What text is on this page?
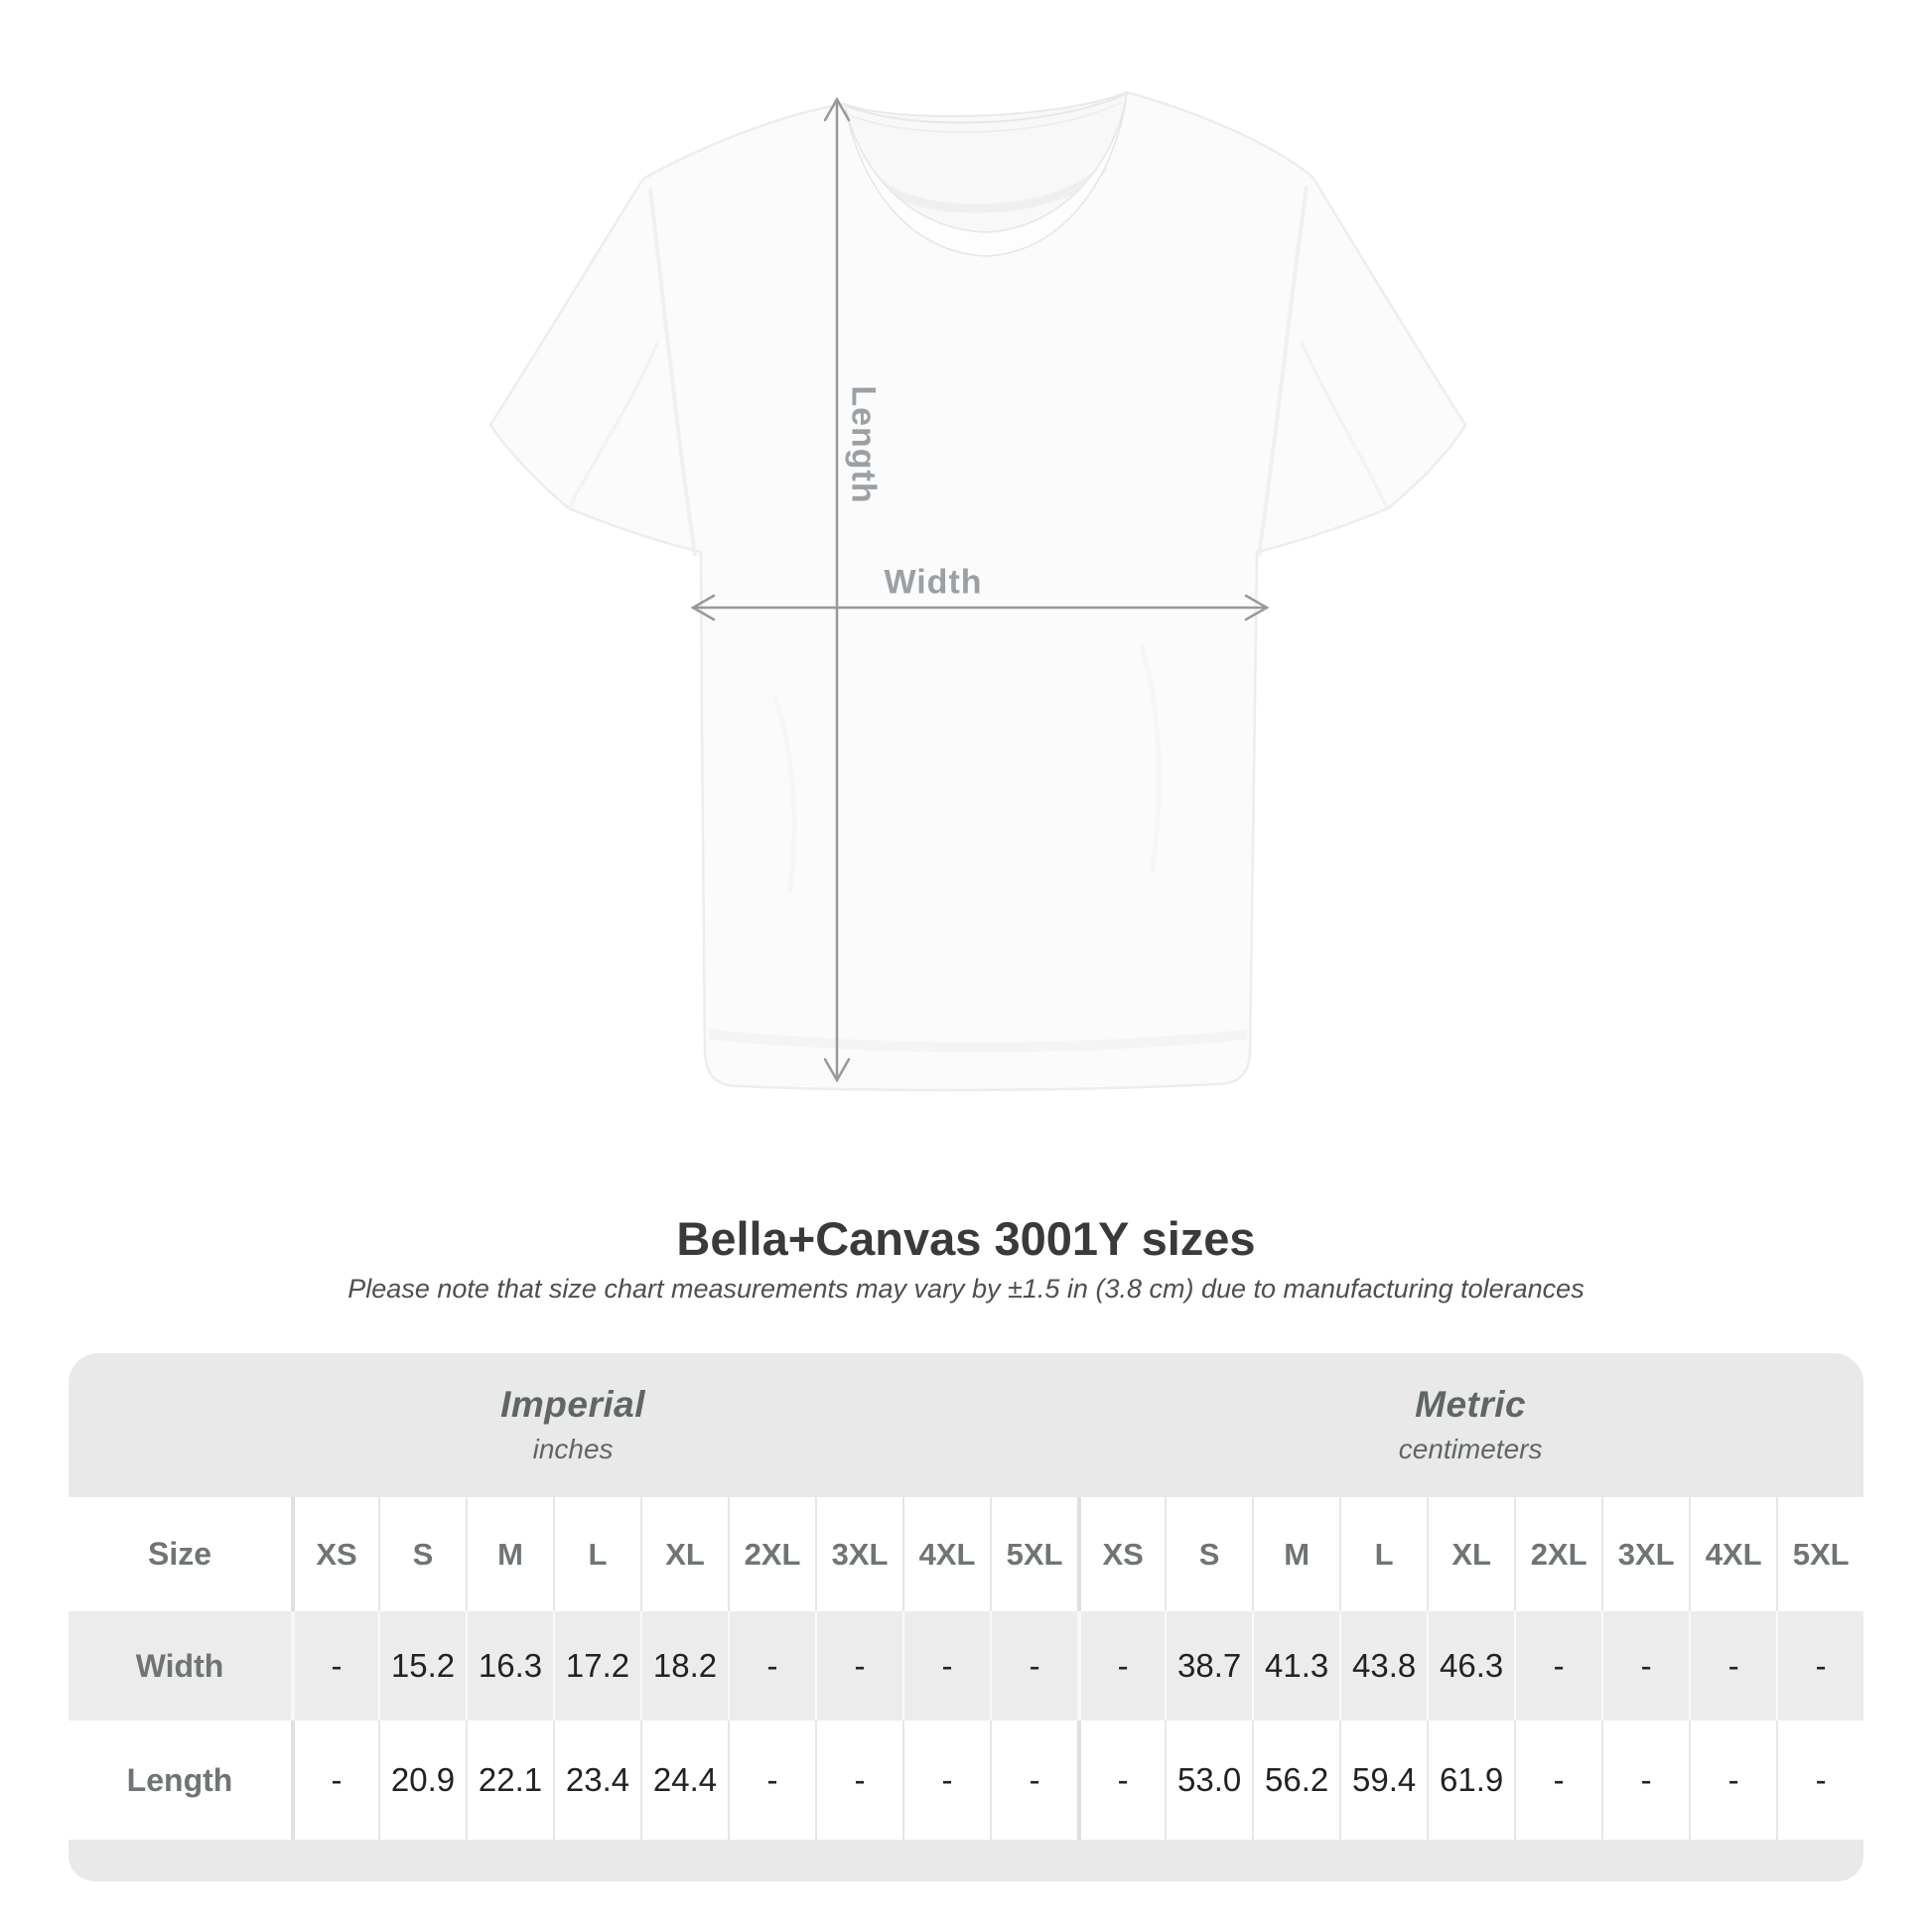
Length
Width
Bella+Canvas 3001Y sizes

Please note that size chart measurements may vary by ±1.5 in (3.8 cm) due to manufacturing tolerances

Imperial
inches

Metric
centimeters

Size	XS	S	M	L	XL	2XL	3XL	4XL	5XL	XS	S	M	L	XL	2XL	3XL	4XL	5XL
Width	-	15.2	16.3	17.2	18.2	-	-	-	-	-	38.7	41.3	43.8	46.3	-	-	-	-
Length	-	20.9	22.1	23.4	24.4	-	-	-	-	-	53.0	56.2	59.4	61.9	-	-	-	-
